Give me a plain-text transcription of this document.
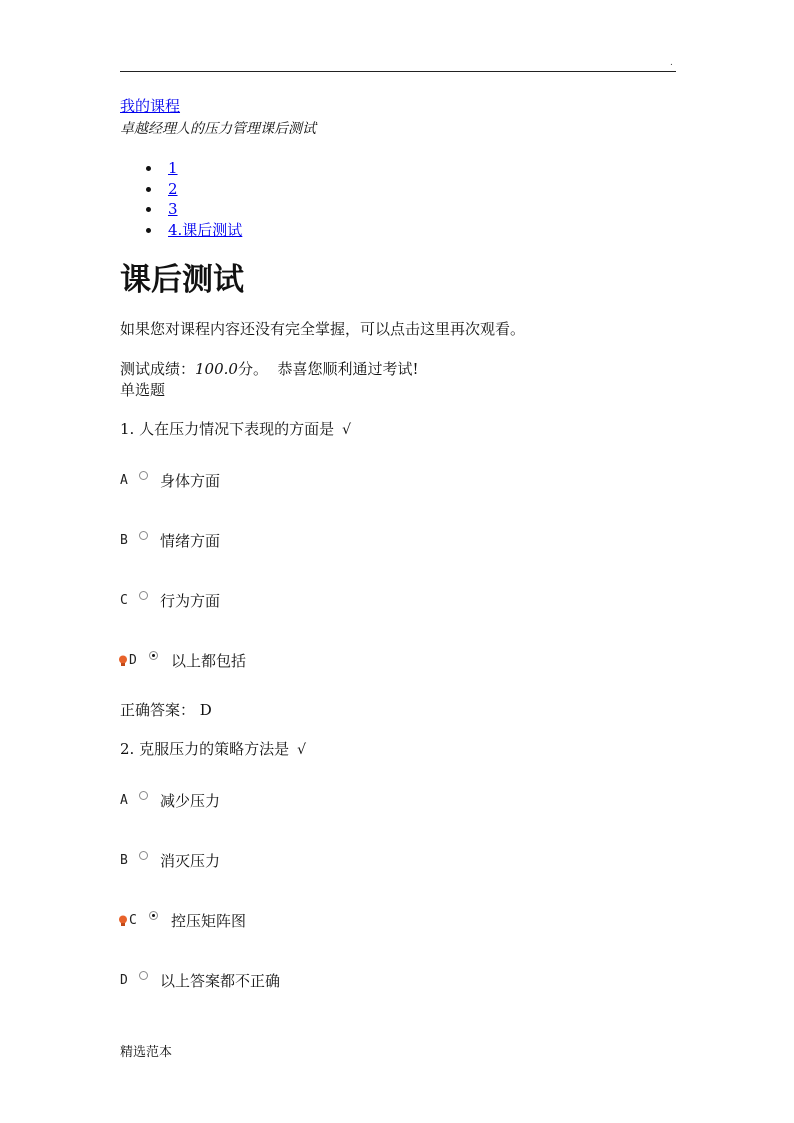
.
我的课程
卓越经理人的压力管理课后测试
1
2
3
4.课后测试
课后测试
如果您对课程内容还没有完全掌握，可以点击这里再次观看。
测试成绩：100.0分。 恭喜您顺利通过考试!
单选题
1. 人在压力情况下表现的方面是 √
A 身体方面
B 情绪方面
C 行为方面
D 以上都包括
正确答案： D
2. 克服压力的策略方法是 √
A 减少压力
B 消灭压力
C 控压矩阵图
D 以上答案都不正确
精选范本
